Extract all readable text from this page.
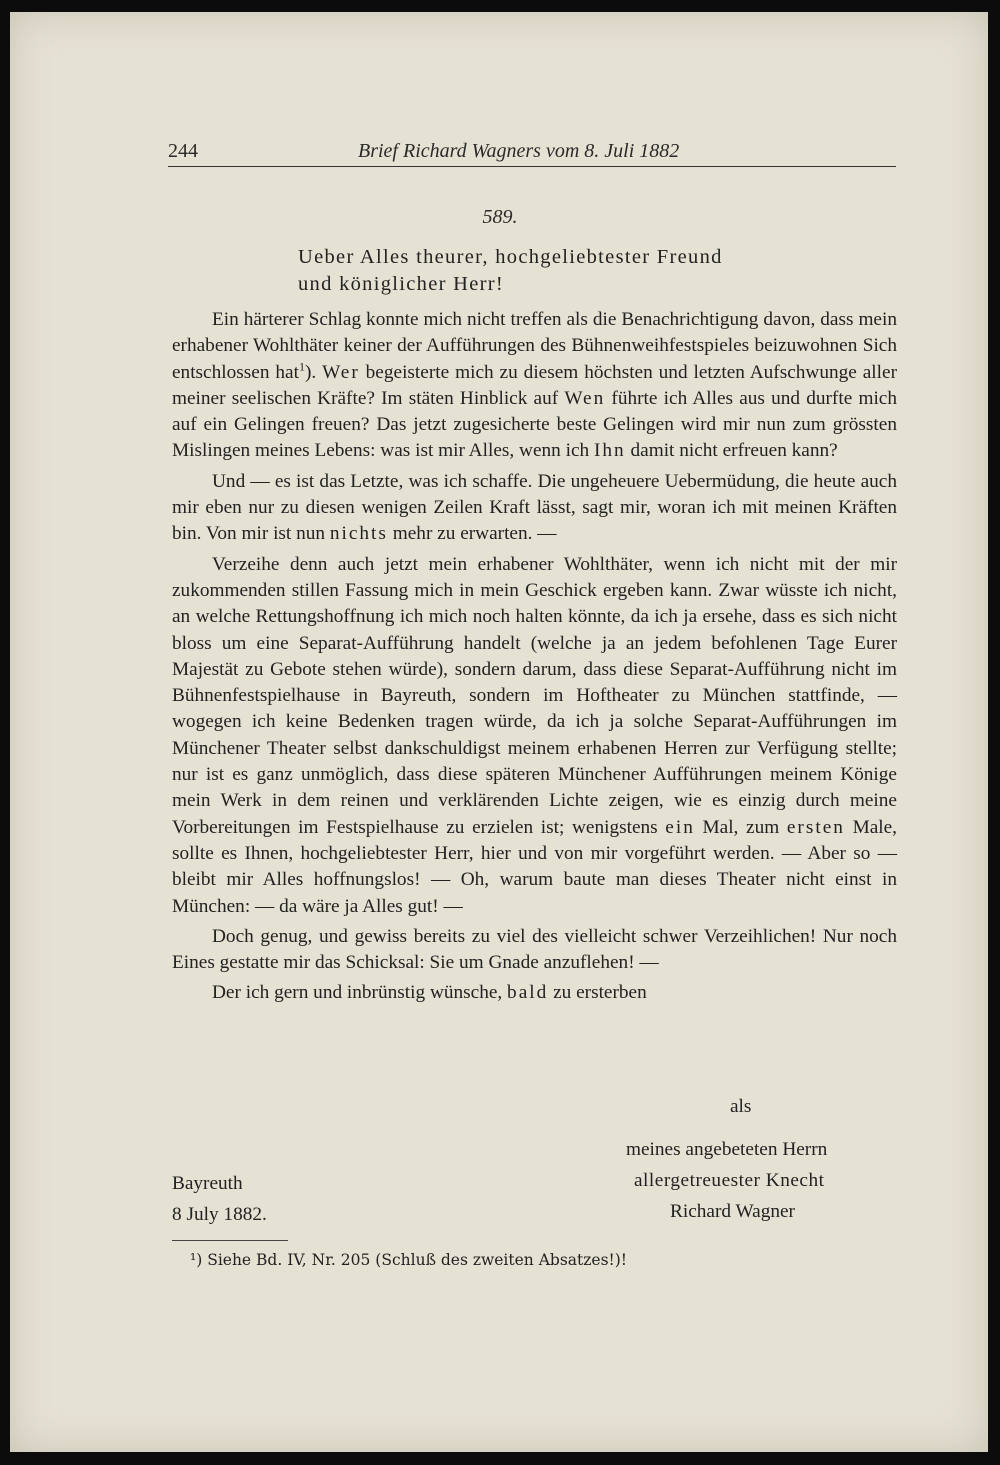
244	Brief Richard Wagners vom 8. Juli 1882
589.
Ueber Alles theurer, hochgeliebtester Freund
und königlicher Herr!

Ein härterer Schlag konnte mich nicht treffen als die Benachrichtigung davon, dass mein erhabener Wohlthäter keiner der Aufführungen des Bühnenweihfestspieles beizuwohnen Sich entschlossen hat$^1$). Wer begeisterte mich zu diesem höchsten und letzten Aufschwunge aller meiner seelischen Kräfte? Im stäten Hinblick auf Wen führte ich Alles aus und durfte mich auf ein Gelingen freuen? Das jetzt zugesicherte beste Gelingen wird mir nun zum grössten Mislingen meines Lebens: was ist mir Alles, wenn ich Ihn damit nicht erfreuen kann?

Und — es ist das Letzte, was ich schaffe. Die ungeheuere Uebermüdung, die heute auch mir eben nur zu diesen wenigen Zeilen Kraft lässt, sagt mir, woran ich mit meinen Kräften bin. Von mir ist nun nichts mehr zu erwarten. —

Verzeihe denn auch jetzt mein erhabener Wohlthäter, wenn ich nicht mit der mir zukommenden stillen Fassung mich in mein Geschick ergeben kann. Zwar wüsste ich nicht, an welche Rettungshoffnung ich mich noch halten könnte, da ich ja ersehe, dass es sich nicht bloss um eine Separat-Aufführung handelt (welche ja an jedem befohlenen Tage Eurer Majestät zu Gebote stehen würde), sondern darum, dass diese Separat-Aufführung nicht im Bühnenfestspielhause in Bayreuth, sondern im Hoftheater zu München stattfinde, — wogegen ich keine Bedenken tragen würde, da ich ja solche Separat-Aufführungen im Münchener Theater selbst dankschuldigst meinem erhabenen Herren zur Verfügung stellte; nur ist es ganz unmöglich, dass diese späteren Münchener Aufführungen meinem Könige mein Werk in dem reinen und verklärenden Lichte zeigen, wie es einzig durch meine Vorbereitungen im Festspielhause zu erzielen ist; wenigstens ein Mal, zum ersten Male, sollte es Ihnen, hochgeliebtester Herr, hier und von mir vorgeführt werden. — Aber so — bleibt mir Alles hoffnungslos! — Oh, warum baute man dieses Theater nicht einst in München: — da wäre ja Alles gut! —

Doch genug, und gewiss bereits zu viel des vielleicht schwer Verzeihlichen! Nur noch Eines gestatte mir das Schicksal: Sie um Gnade anzuflehen! —

Der ich gern und inbrünstig wünsche, bald zu ersterben

als
meines angebeteten Herrn
allergetreuester Knecht
Richard Wagner
Bayreuth
8 July 1882.
¹) Siehe Bd. IV, Nr. 205 (Schluß des zweiten Absatzes!)!
